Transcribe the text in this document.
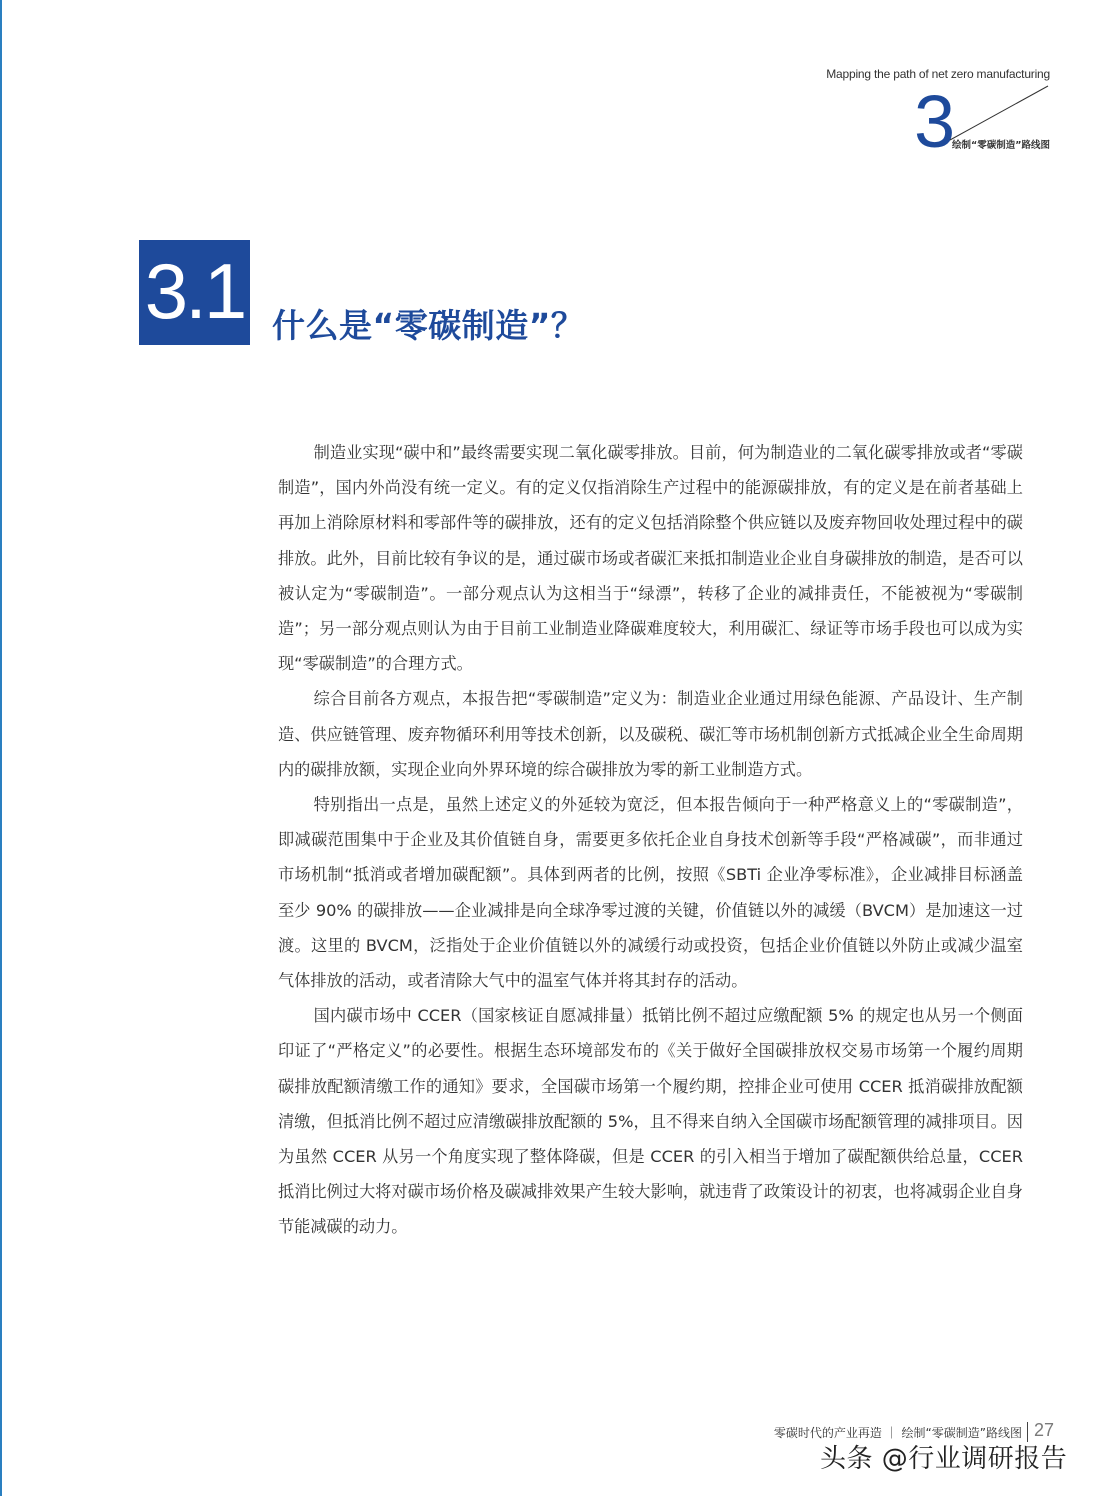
Mapping the path of net zero manufacturing
3
绘制“零碳制造”路线图
3.1 什么是“零碳制造”？

制造业实现“碳中和”最终需要实现二氧化碳零排放。目前，何为制造业的二氧化碳零排放或者“零碳制造”，国内外尚没有统一定义。有的定义仅指消除生产过程中的能源碳排放，有的定义是在前者基础上再加上消除原材料和零部件等的碳排放，还有的定义包括消除整个供应链以及废弃物回收处理过程中的碳排放。此外，目前比较有争议的是，通过碳市场或者碳汇来抵扣制造业企业自身碳排放的制造，是否可以被认定为“零碳制造”。一部分观点认为这相当于“绿漂”，转移了企业的减排责任，不能被视为“零碳制造”；另一部分观点则认为由于目前工业制造业降碳难度较大，利用碳汇、绿证等市场手段也可以成为实现“零碳制造”的合理方式。

综合目前各方观点，本报告把“零碳制造”定义为：制造业企业通过用绿色能源、产品设计、生产制造、供应链管理、废弃物循环利用等技术创新，以及碳税、碳汇等市场机制创新方式抵减企业全生命周期内的碳排放额，实现企业向外界环境的综合碳排放为零的新工业制造方式。

特别指出一点是，虽然上述定义的外延较为宽泛，但本报告倾向于一种严格意义上的“零碳制造”，即减碳范围集中于企业及其价值链自身，需要更多依托企业自身技术创新等手段“严格减碳”，而非通过市场机制“抵消或者增加碳配额”。具体到两者的比例，按照《SBTi 企业净零标准》，企业减排目标涵盖至少 90% 的碳排放——企业减排是向全球净零过渡的关键，价值链以外的减缓（BVCM）是加速这一过渡。这里的 BVCM，泛指处于企业价值链以外的减缓行动或投资，包括企业价值链以外防止或减少温室气体排放的活动，或者清除大气中的温室气体并将其封存的活动。

国内碳市场中 CCER（国家核证自愿减排量）抵销比例不超过应缴配额 5% 的规定也从另一个侧面印证了“严格定义”的必要性。根据生态环境部发布的《关于做好全国碳排放权交易市场第一个履约周期碳排放配额清缴工作的通知》要求，全国碳市场第一个履约期，控排企业可使用 CCER 抵消碳排放配额清缴，但抵消比例不超过应清缴碳排放配额的 5%，且不得来自纳入全国碳市场配额管理的减排项目。因为虽然 CCER 从另一个角度实现了整体降碳，但是 CCER 的引入相当于增加了碳配额供给总量，CCER 抵消比例过大将对碳市场价格及碳减排效果产生较大影响，就违背了政策设计的初衷，也将减弱企业自身节能减碳的动力。

零碳时代的产业再造 ｜ 绘制“零碳制造”路线图 27
头条 @行业调研报告
